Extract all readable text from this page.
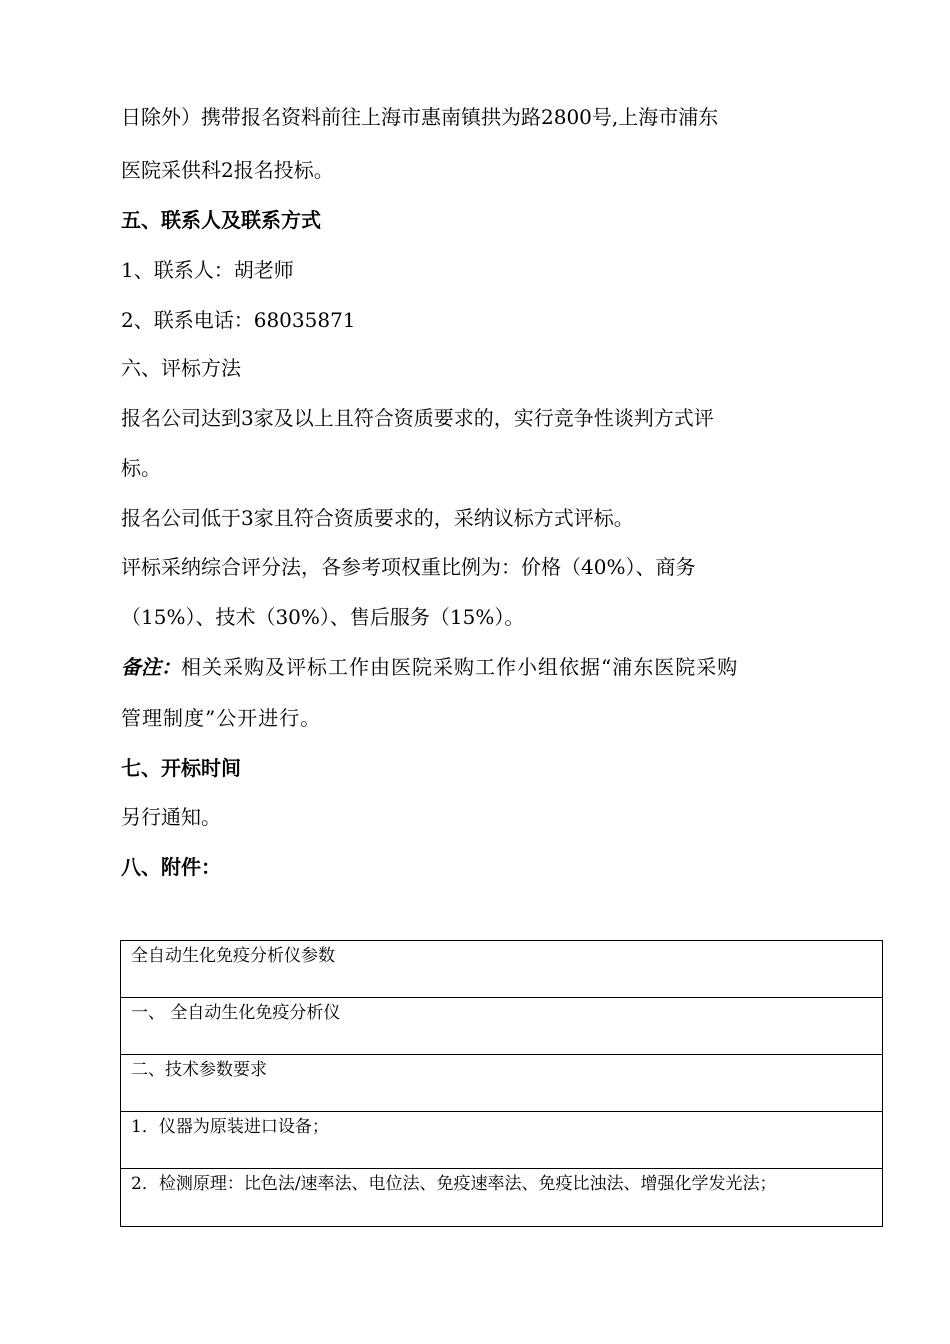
日除外）携带报名资料前往上海市惠南镇拱为路2800号,上海市浦东
医院采供科2报名投标。
五、联系人及联系方式
1、联系人：胡老师
2、联系电话：68035871
六、评标方法
报名公司达到3家及以上且符合资质要求的，实行竞争性谈判方式评
标。
报名公司低于3家且符合资质要求的，采纳议标方式评标。
评标采纳综合评分法，各参考项权重比例为：价格（40%）、商务
（15%）、技术（30%）、售后服务（15%）。
备注：相关采购及评标工作由医院采购工作小组依据“浦东医院采购
管理制度”公开进行。
七、开标时间
另行通知。
八、附件：
全自动生化免疫分析仪参数
一、 全自动生化免疫分析仪
二、技术参数要求
1．仪器为原装进口设备；
2．检测原理：比色法/速率法、电位法、免疫速率法、免疫比浊法、增强化学发光法；
